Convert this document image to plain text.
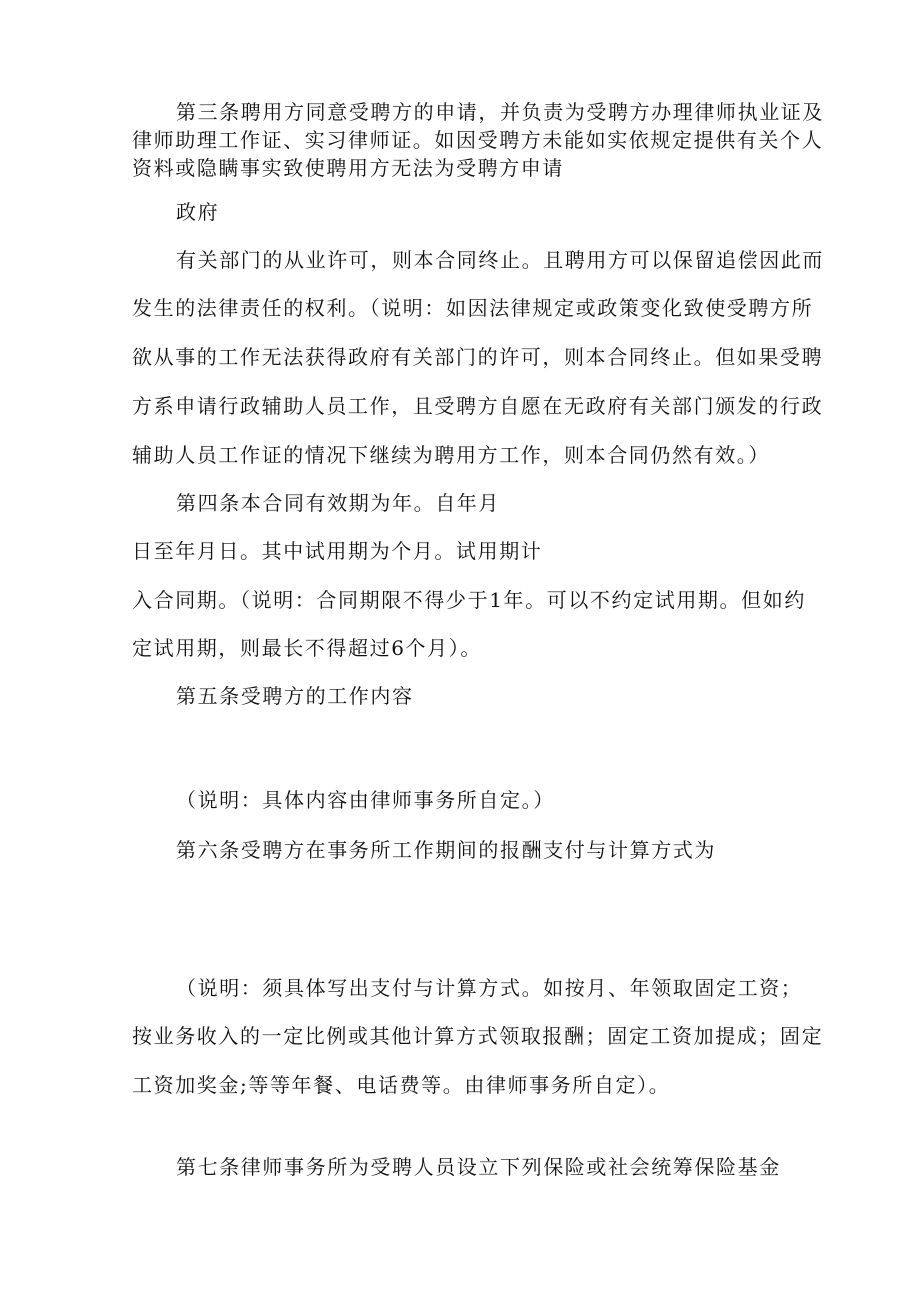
第三条聘用方同意受聘方的申请，并负责为受聘方办理律师执业证及
律师助理工作证、实习律师证。如因受聘方未能如实依规定提供有关个人
资料或隐瞒事实致使聘用方无法为受聘方申请
政府
有关部门的从业许可，则本合同终止。且聘用方可以保留追偿因此而
发生的法律责任的权利。（说明：如因法律规定或政策变化致使受聘方所
欲从事的工作无法获得政府有关部门的许可，则本合同终止。但如果受聘
方系申请行政辅助人员工作，且受聘方自愿在无政府有关部门颁发的行政
辅助人员工作证的情况下继续为聘用方工作，则本合同仍然有效。）
第四条本合同有效期为年。自年月
日至年月日。其中试用期为个月。试用期计
入合同期。（说明：合同期限不得少于1年。可以不约定试用期。但如约
定试用期，则最长不得超过6个月）。
第五条受聘方的工作内容
（说明：具体内容由律师事务所自定。）
第六条受聘方在事务所工作期间的报酬支付与计算方式为
（说明：须具体写出支付与计算方式。如按月、年领取固定工资；
按业务收入的一定比例或其他计算方式领取报酬；固定工资加提成；固定
工资加奖金;等等年餐、电话费等。由律师事务所自定）。
第七条律师事务所为受聘人员设立下列保险或社会统筹保险基金
